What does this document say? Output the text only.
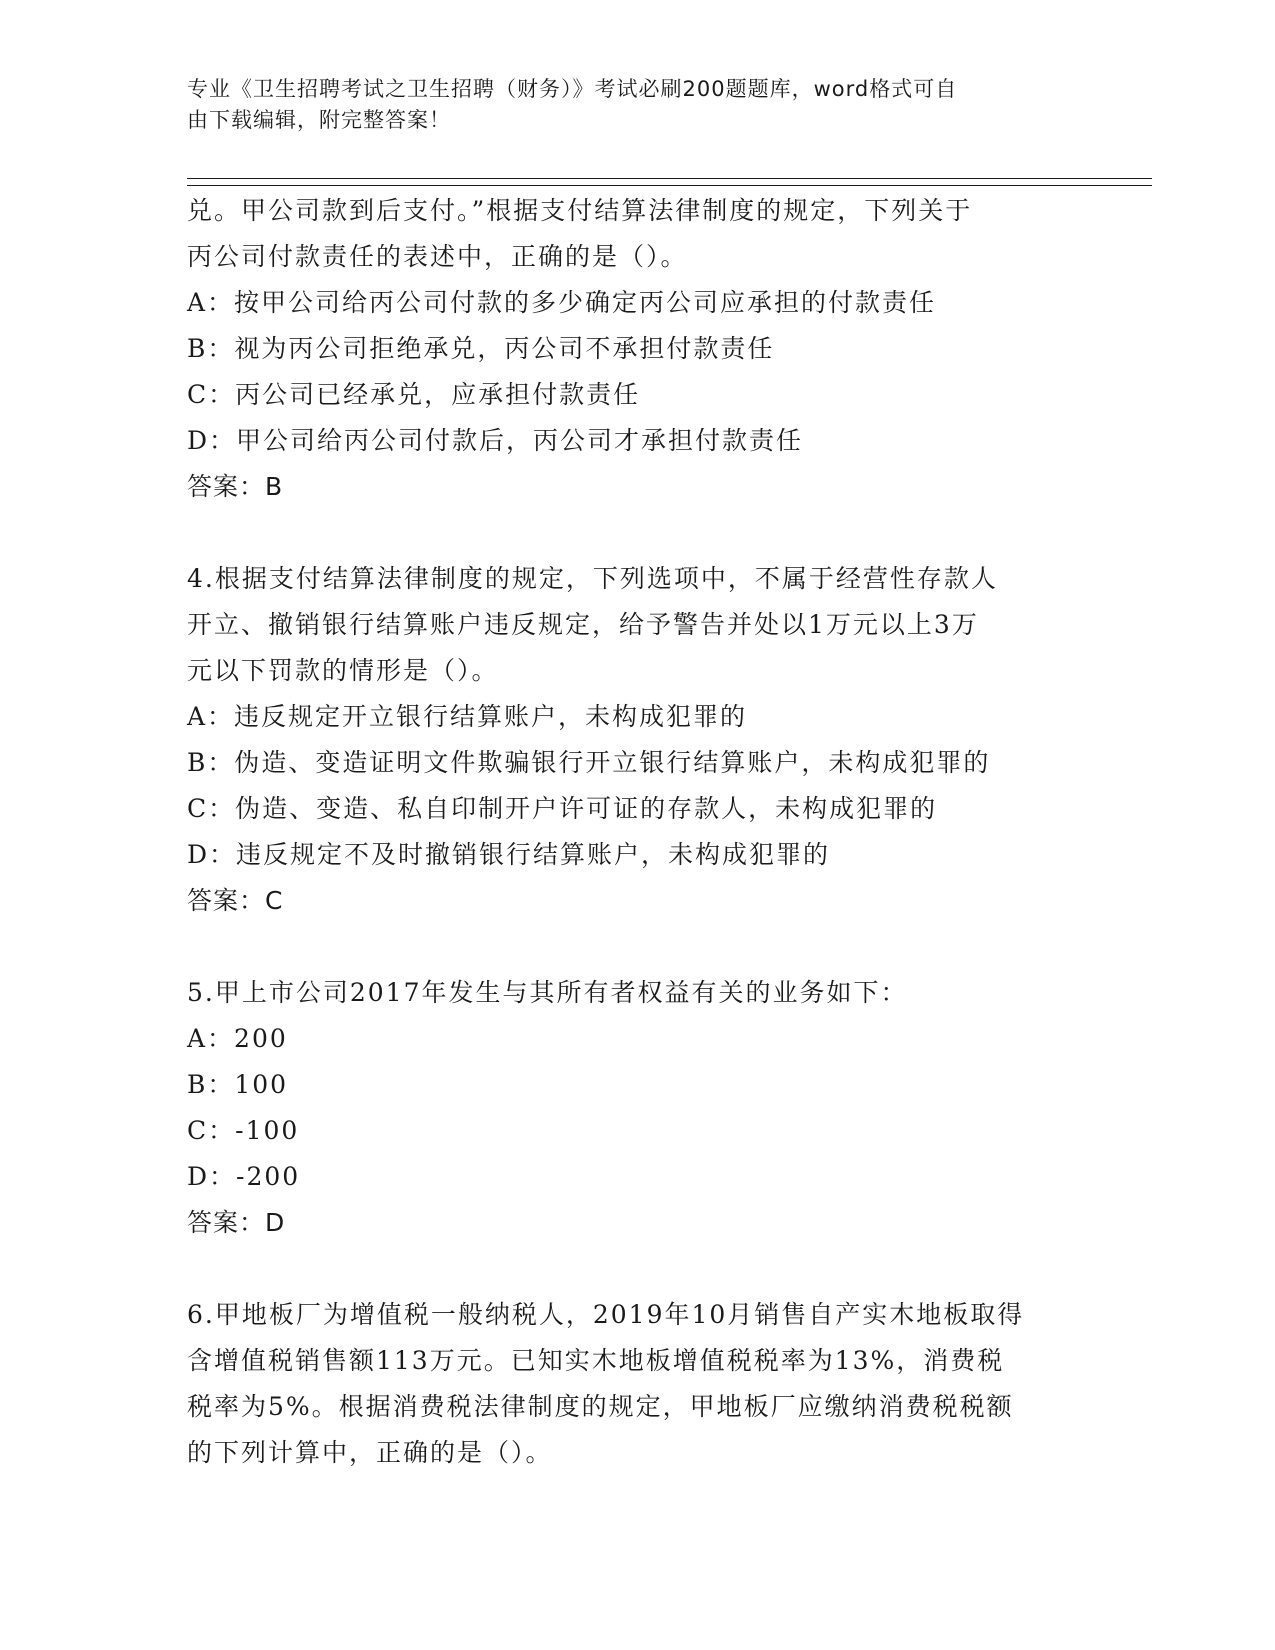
专业《卫生招聘考试之卫生招聘（财务）》考试必刷200题题库，word格式可自
由下载编辑，附完整答案！
兑。甲公司款到后支付。”根据支付结算法律制度的规定，下列关于
丙公司付款责任的表述中，正确的是（）。
A：按甲公司给丙公司付款的多少确定丙公司应承担的付款责任
B：视为丙公司拒绝承兑，丙公司不承担付款责任
C：丙公司已经承兑，应承担付款责任
D：甲公司给丙公司付款后，丙公司才承担付款责任
答案：B
4.根据支付结算法律制度的规定，下列选项中，不属于经营性存款人
开立、撤销银行结算账户违反规定，给予警告并处以1万元以上3万
元以下罚款的情形是（）。
A：违反规定开立银行结算账户，未构成犯罪的
B：伪造、变造证明文件欺骗银行开立银行结算账户，未构成犯罪的
C：伪造、变造、私自印制开户许可证的存款人，未构成犯罪的
D：违反规定不及时撤销银行结算账户，未构成犯罪的
答案：C
5.甲上市公司2017年发生与其所有者权益有关的业务如下：
A：200
B：100
C：-100
D：-200
答案：D
6.甲地板厂为增值税一般纳税人，2019年10月销售自产实木地板取得
含增值税销售额113万元。已知实木地板增值税税率为13%，消费税
税率为5%。根据消费税法律制度的规定，甲地板厂应缴纳消费税税额
的下列计算中，正确的是（）。
